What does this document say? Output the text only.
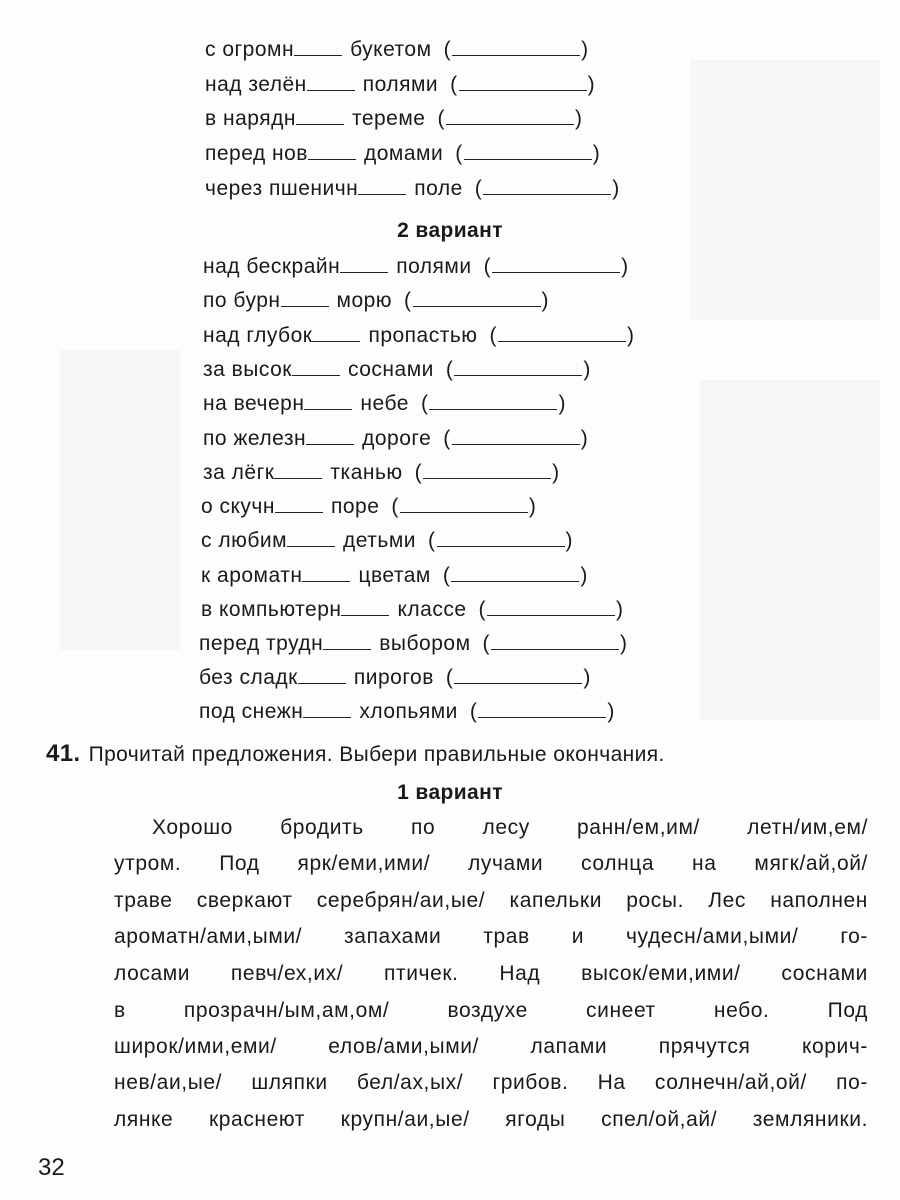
с огромн	букетом (	)
над зелён	полями (	)
в нарядн	тереме (	)
перед нов	домами (	)
через пшеничн	поле (	)
2 вариант
над бескрайн	полями (	)
по бурн	морю (	)
над глубок	пропастью (	)
за высок	соснами (	)
на вечерн	небе (	)
по железн	дороге (	)
за лёгк	тканью (	)
о скучн	поре (	)
с любим	детьми (	)
к ароматн	цветам (	)
в компьютерн	классе (	)
перед трудн	выбором (	)
без сладк	пирогов (	)
под снежн	хлопьями (	)
41. Прочитай предложения. Выбери правильные окончания.
1 вариант
Хорошо бродить по лесу ранн/ем,им/ летн/им,ем/
утром. Под ярк/еми,ими/ лучами солнца на мягк/ай,ой/
траве сверкают серебрян/аи,ые/ капельки росы. Лес наполнен
ароматн/ами,ыми/ запахами трав и чудесн/ами,ыми/ го-
лосами певч/ех,их/ птичек. Над высок/еми,ими/ соснами
в прозрачн/ым,ам,ом/ воздухе синеет небо. Под
широк/ими,еми/ елов/ами,ыми/ лапами прячутся корич-
нев/аи,ые/ шляпки бел/ах,ых/ грибов. На солнечн/ай,ой/ по-
лянке краснеют крупн/аи,ые/ ягоды спел/ой,ай/ земляники.
32
